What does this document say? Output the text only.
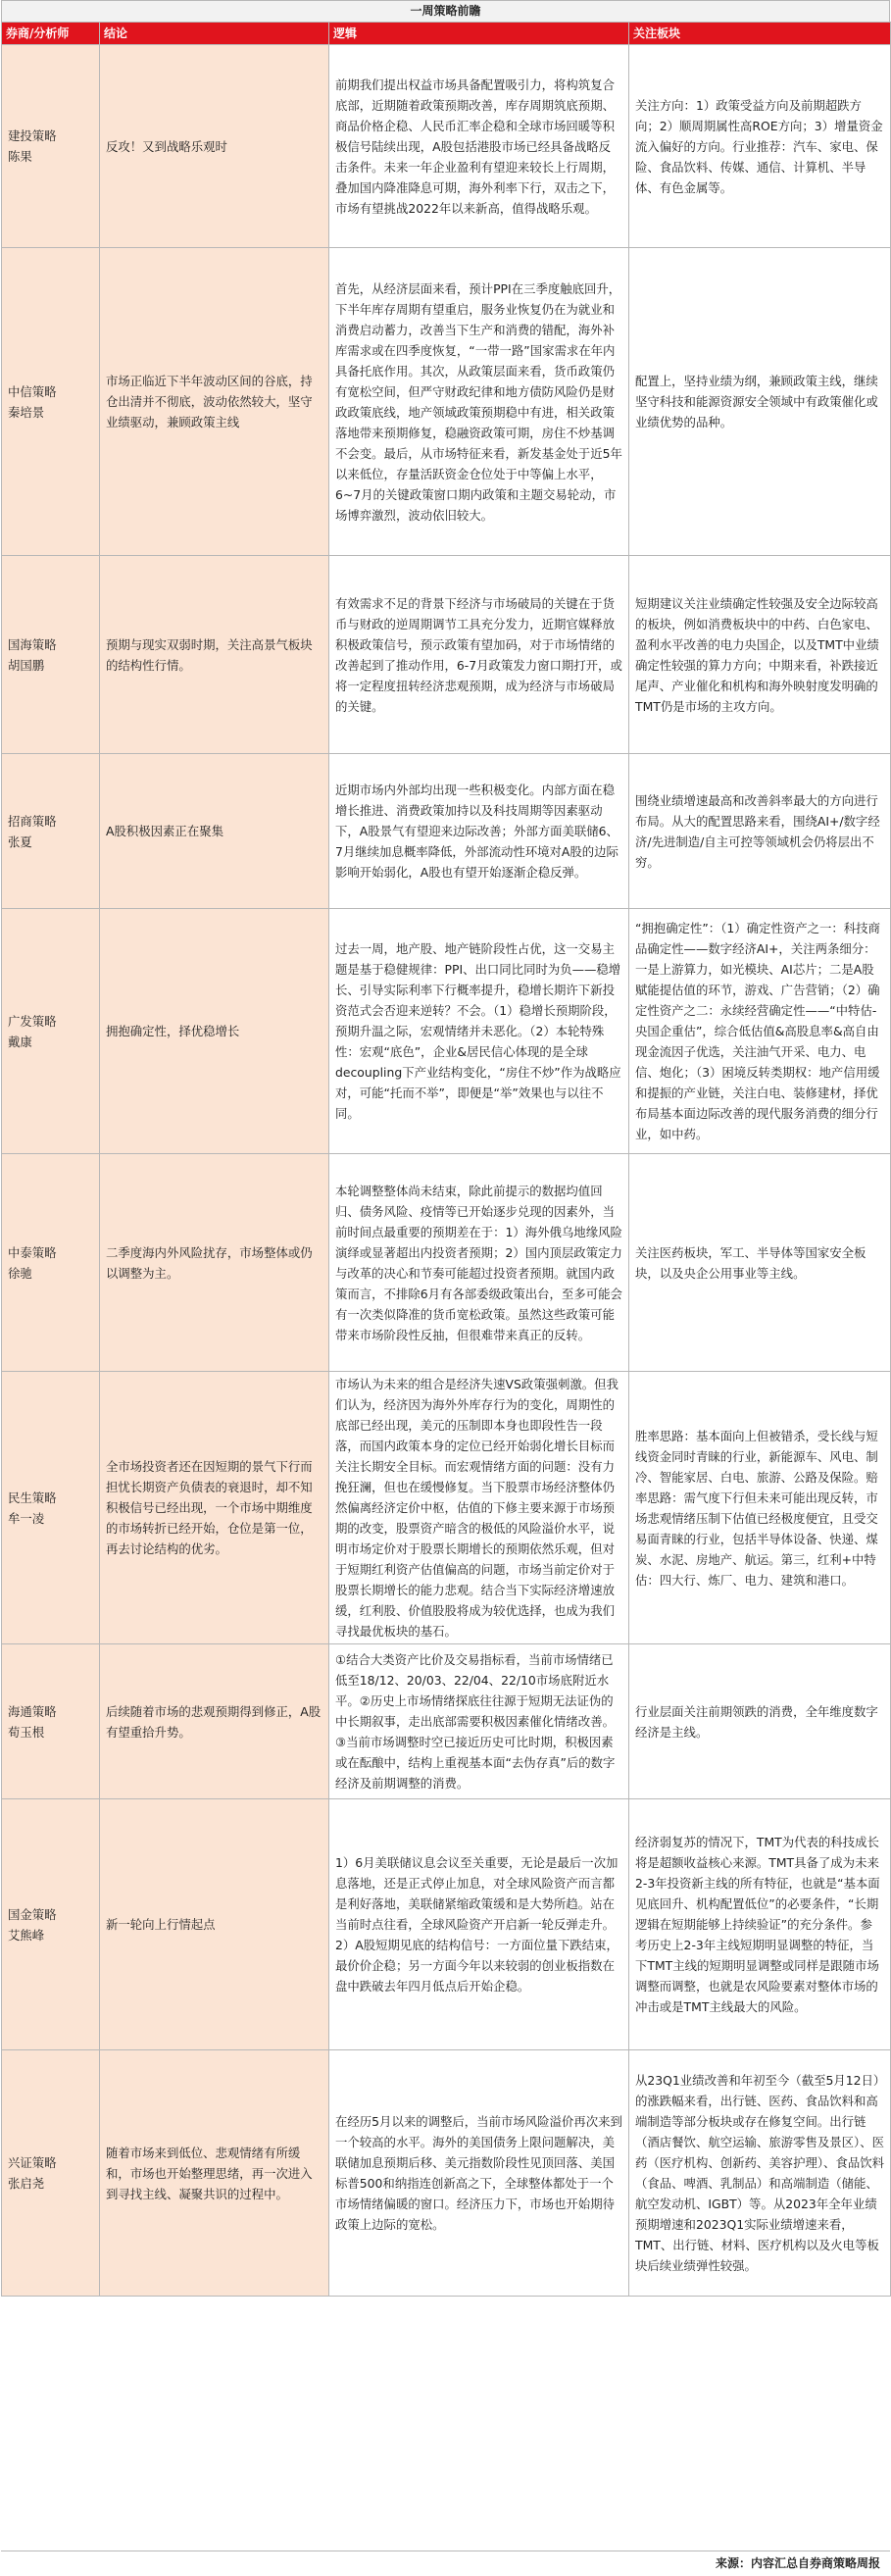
一周策略前瞻
券商/分析师	结论	逻辑	关注板块

建投策略
陈果	反攻！又到战略乐观时	前期我们提出权益市场具备配置吸引力，将构筑复合底部，近期随着政策预期改善，库存周期筑底预期、商品价格企稳、人民币汇率企稳和全球市场回暖等积极信号陆续出现，A股包括港股市场已经具备战略反击条件。未来一年企业盈利有望迎来较长上行周期，叠加国内降准降息可期，海外利率下行，双击之下，市场有望挑战2022年以来新高，值得战略乐观。	关注方向：1）政策受益方向及前期超跌方向；2）顺周期属性高ROE方向；3）增量资金流入偏好的方向。行业推荐：汽车、家电、保险、食品饮料、传媒、通信、计算机、半导体、有色金属等。

中信策略
秦培景	市场正临近下半年波动区间的谷底，持仓出清并不彻底，波动依然较大，坚守业绩驱动，兼顾政策主线	首先，从经济层面来看，预计PPI在三季度触底回升，下半年库存周期有望重启，服务业恢复仍在为就业和消费启动蓄力，改善当下生产和消费的错配，海外补库需求或在四季度恢复，“一带一路”国家需求在年内具备托底作用。其次，从政策层面来看，货币政策仍有宽松空间，但严守财政纪律和地方债防风险仍是财政政策底线，地产领域政策预期稳中有进，相关政策落地带来预期修复，稳融资政策可期，房住不炒基调不会变。最后，从市场特征来看，新发基金处于近5年以来低位，存量活跃资金仓位处于中等偏上水平，6~7月的关键政策窗口期内政策和主题交易轮动，市场博弈激烈，波动依旧较大。	配置上，坚持业绩为纲，兼顾政策主线，继续坚守科技和能源资源安全领域中有政策催化或业绩优势的品种。

国海策略
胡国鹏	预期与现实双弱时期，关注高景气板块的结构性行情。	有效需求不足的背景下经济与市场破局的关键在于货币与财政的逆周期调节工具充分发力，近期官媒释放积极政策信号，预示政策有望加码，对于市场情绪的改善起到了推动作用，6-7月政策发力窗口期打开，或将一定程度扭转经济悲观预期，成为经济与市场破局的关键。	短期建议关注业绩确定性较强及安全边际较高的板块，例如消费板块中的中药、白色家电、盈利水平改善的电力央国企，以及TMT中业绩确定性较强的算力方向；中期来看，补跌接近尾声、产业催化和机构和海外映射度发明确的TMT仍是市场的主攻方向。

招商策略
张夏	A股积极因素正在聚集	近期市场内外部均出现一些积极变化。内部方面在稳增长推进、消费政策加持以及科技周期等因素驱动下，A股景气有望迎来边际改善；外部方面美联储6、7月继续加息概率降低，外部流动性环境对A股的边际影响开始弱化，A股也有望开始逐渐企稳反弹。	围绕业绩增速最高和改善斜率最大的方向进行布局。从大的配置思路来看，围绕AI+/数字经济/先进制造/自主可控等领域机会仍将层出不穷。

广发策略
戴康	拥抱确定性，择优稳增长	过去一周，地产股、地产链阶段性占优，这一交易主题是基于稳健规律：PPI、出口同比同时为负——稳增长、引导实际利率下行概率提升，稳增长期许下新投资范式会否迎来逆转？不会。（1）稳增长预期阶段，预期升温之际，宏观情绪并未恶化。（2）本轮特殊性：宏观“底色”，企业&居民信心体现的是全球decoupling下产业结构变化，“房住不炒”作为战略应对，可能“托而不举”，即便是“举”效果也与以往不同。	“拥抱确定性”：（1）确定性资产之一：科技商品确定性——数字经济AI+，关注两条细分：一是上游算力，如光模块、AI芯片；二是A股赋能提估值的环节，游戏、广告营销；（2）确定性资产之二：永续经营确定性——“中特估-央国企重估”，综合低估值&高股息率&高自由现金流因子优选，关注油气开采、电力、电信、炮化；（3）困境反转类期权：地产信用缓和提振的产业链，关注白电、装修建材，择优布局基本面边际改善的现代服务消费的细分行业，如中药。

中泰策略
徐驰	二季度海内外风险扰存，市场整体或仍以调整为主。	本轮调整整体尚未结束，除此前提示的数据均值回归、债务风险、疫情等已开始逐步兑现的因素外，当前时间点最重要的预期差在于：1）海外俄乌地缘风险演绎或显著超出内投资者预期；2）国内顶层政策定力与改革的决心和节奏可能超过投资者预期。就国内政策而言，不排除6月有各部委级政策出台，至多可能会有一次类似降准的货币宽松政策。虽然这些政策可能带来市场阶段性反抽，但很难带来真正的反转。	关注医药板块，军工、半导体等国家安全板块，以及央企公用事业等主线。

民生策略
牟一凌	全市场投资者还在因短期的景气下行而担忧长期资产负债表的衰退时，却不知积极信号已经出现，一个市场中期维度的市场转折已经开始，仓位是第一位，再去讨论结构的优劣。	市场认为未来的组合是经济失速VS政策强刺激。但我们认为，经济因为海外外库存行为的变化，周期性的底部已经出现，美元的压制即本身也即段性告一段落，而国内政策本身的定位已经开始弱化增长目标而关注长期安全目标。而宏观情绪方面的问题：没有力挽狂澜，但也在缓慢修复。当下股票市场经济整体仍然偏离经济定价中枢，估值的下修主要来源于市场预期的改变，股票资产暗含的极低的风险溢价水平，说明市场定价对于股票长期增长的预期依然乐观，但对于短期红利资产估值偏高的问题，市场当前定价对于股票长期增长的能力悲观。结合当下实际经济增速放缓，红利股、价值股股将成为较优选择，也成为我们寻找最优板块的基石。	胜率思路：基本面向上但被错杀，受长线与短线资金同时青睐的行业，新能源车、风电、制冷、智能家居、白电、旅游、公路及保险。赔率思路：需气度下行但未来可能出现反转，市场悲观情绪压制下估值已经极度便宜，且受交易面青睐的行业，包括半导体设备、快递、煤炭、水泥、房地产、航运。第三，红利+中特估：四大行、炼厂、电力、建筑和港口。

海通策略
荀玉根	后续随着市场的悲观预期得到修正，A股有望重拾升势。	①结合大类资产比价及交易指标看，当前市场情绪已低至18/12、20/03、22/04、22/10市场底附近水平。②历史上市场情绪探底往往源于短期无法证伪的中长期叙事，走出底部需要积极因素催化情绪改善。③当前市场调整时空已接近历史可比时期，积极因素或在酝酿中，结构上重视基本面“去伪存真”后的数字经济及前期调整的消费。	行业层面关注前期领跌的消费，全年维度数字经济是主线。

国金策略
艾熊峰	新一轮向上行情起点	1）6月美联储议息会议至关重要，无论是最后一次加息落地，还是正式停止加息，对全球风险资产而言都是利好落地，美联储紧缩政策缓和是大势所趋。站在当前时点往看，全球风险资产开启新一轮反弹走升。2）A股短期见底的结构信号：一方面位量下跌结束，最价价企稳；另一方面今年以来较弱的创业板指数在盘中跌破去年四月低点后开始企稳。	经济弱复苏的情况下，TMT为代表的科技成长将是超额收益核心来源。TMT具备了成为未来2-3年投资新主线的所有特征，也就是“基本面见底回升、机构配置低位”的必要条件，“长期逻辑在短期能够上持续验证”的充分条件。参考历史上2-3年主线短期明显调整的特征，当下TMT主线的短期明显调整或同样是跟随市场调整而调整，也就是农风险要素对整体市场的冲击或是TMT主线最大的风险。

兴证策略
张启尧	随着市场来到低位、悲观情绪有所缓和，市场也开始整理思绪，再一次进入到寻找主线、凝聚共识的过程中。	在经历5月以来的调整后，当前市场风险溢价再次来到一个较高的水平。海外的美国债务上限问题解决，美联储加息预期后移、美元指数阶段性见顶回落、美国标普500和纳指连创新高之下，全球整体都处于一个市场情绪偏暖的窗口。经济压力下，市场也开始期待政策上边际的宽松。	从23Q1业绩改善和年初至今（截至5月12日）的涨跌幅来看，出行链、医药、食品饮料和高端制造等部分板块或存在修复空间。出行链（酒店餐饮、航空运输、旅游零售及景区）、医药（医疗机构、创新药、美容护理）、食品饮料（食品、啤酒、乳制品）和高端制造（储能、航空发动机、IGBT）等。从2023年全年业绩预期增速和2023Q1实际业绩增速来看，TMT、出行链、材料、医疗机构以及火电等板块后续业绩弹性较强。
来源：内容汇总自券商策略周报
